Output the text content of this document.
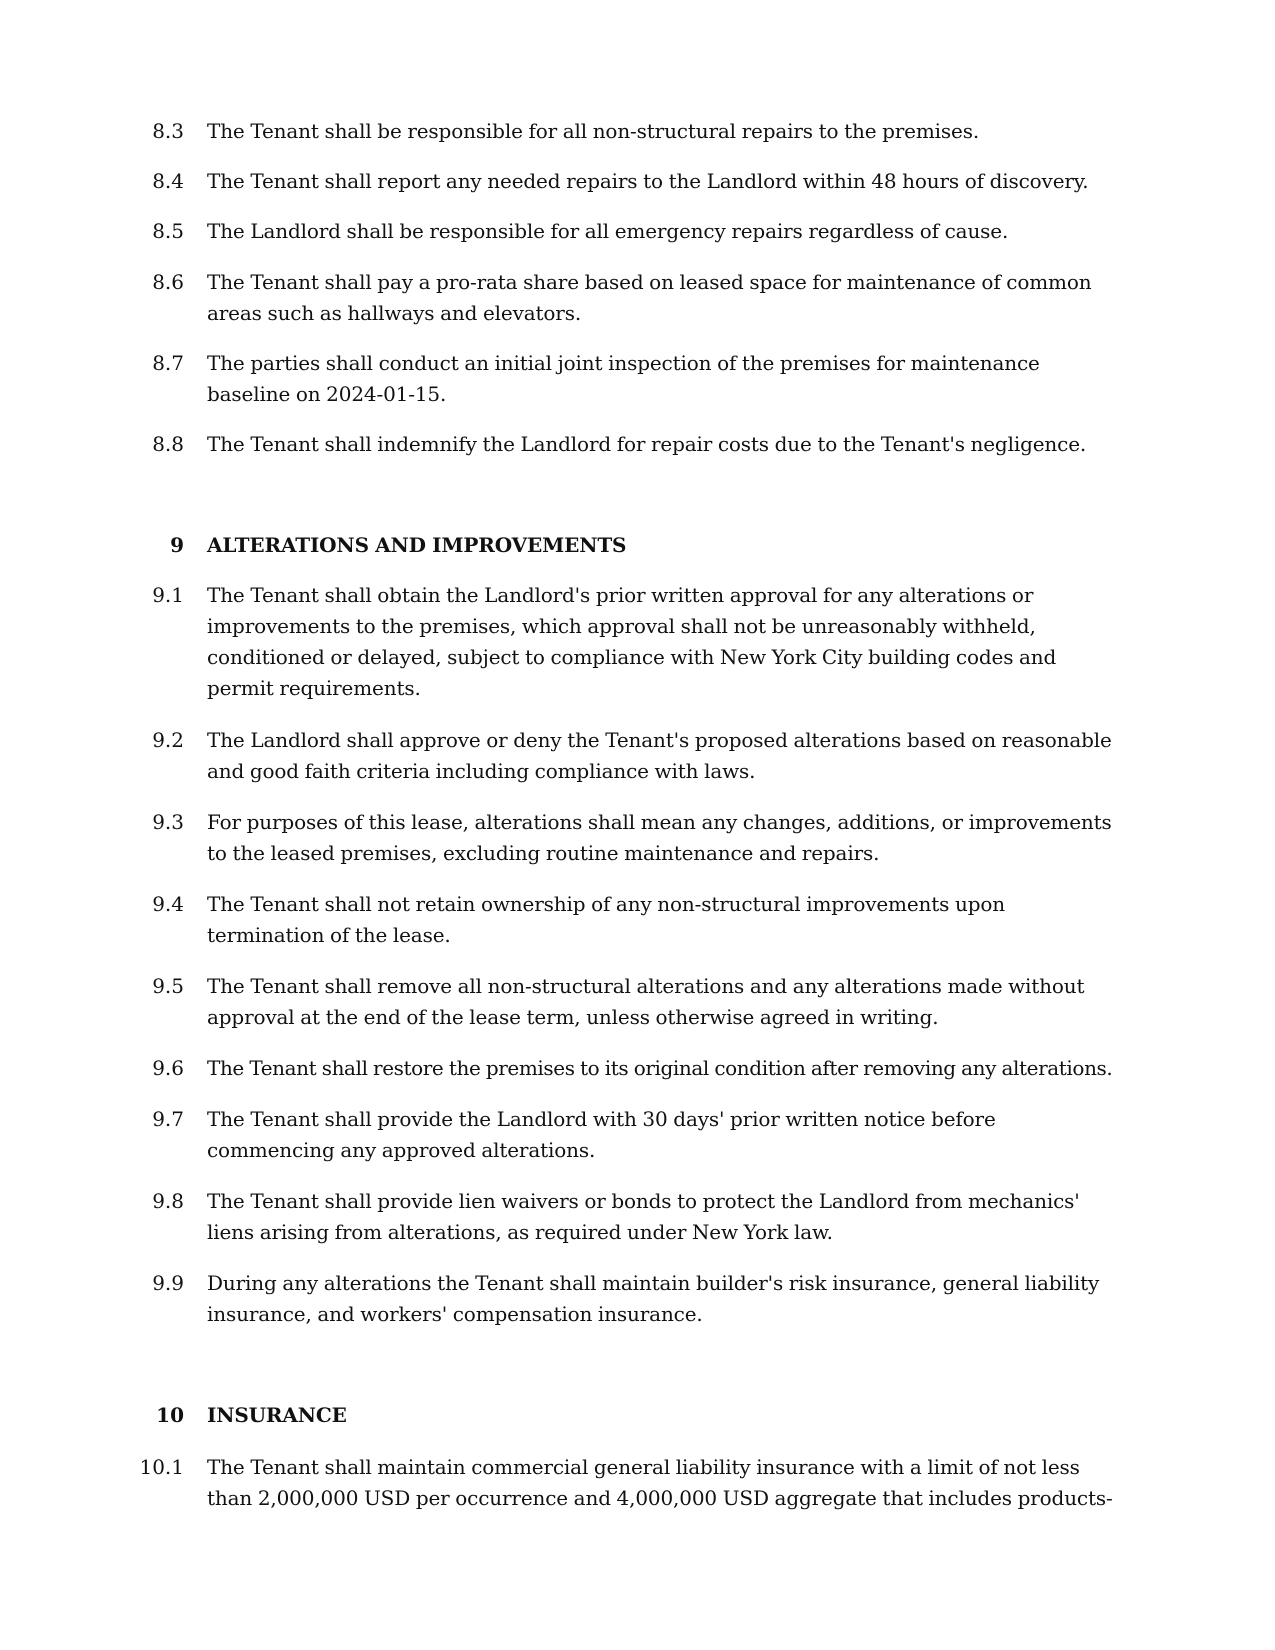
8.3 The Tenant shall be responsible for all non-structural repairs to the premises.
8.4 The Tenant shall report any needed repairs to the Landlord within 48 hours of discovery.
8.5 The Landlord shall be responsible for all emergency repairs regardless of cause.
8.6 The Tenant shall pay a pro-rata share based on leased space for maintenance of common areas such as hallways and elevators.
8.7 The parties shall conduct an initial joint inspection of the premises for maintenance baseline on 2024-01-15.
8.8 The Tenant shall indemnify the Landlord for repair costs due to the Tenant's negligence.
9 ALTERATIONS AND IMPROVEMENTS
9.1 The Tenant shall obtain the Landlord's prior written approval for any alterations or improvements to the premises, which approval shall not be unreasonably withheld, conditioned or delayed, subject to compliance with New York City building codes and permit requirements.
9.2 The Landlord shall approve or deny the Tenant's proposed alterations based on reasonable and good faith criteria including compliance with laws.
9.3 For purposes of this lease, alterations shall mean any changes, additions, or improvements to the leased premises, excluding routine maintenance and repairs.
9.4 The Tenant shall not retain ownership of any non-structural improvements upon termination of the lease.
9.5 The Tenant shall remove all non-structural alterations and any alterations made without approval at the end of the lease term, unless otherwise agreed in writing.
9.6 The Tenant shall restore the premises to its original condition after removing any alterations.
9.7 The Tenant shall provide the Landlord with 30 days' prior written notice before commencing any approved alterations.
9.8 The Tenant shall provide lien waivers or bonds to protect the Landlord from mechanics' liens arising from alterations, as required under New York law.
9.9 During any alterations the Tenant shall maintain builder's risk insurance, general liability insurance, and workers' compensation insurance.
10 INSURANCE
10.1 The Tenant shall maintain commercial general liability insurance with a limit of not less than 2,000,000 USD per occurrence and 4,000,000 USD aggregate that includes products-
